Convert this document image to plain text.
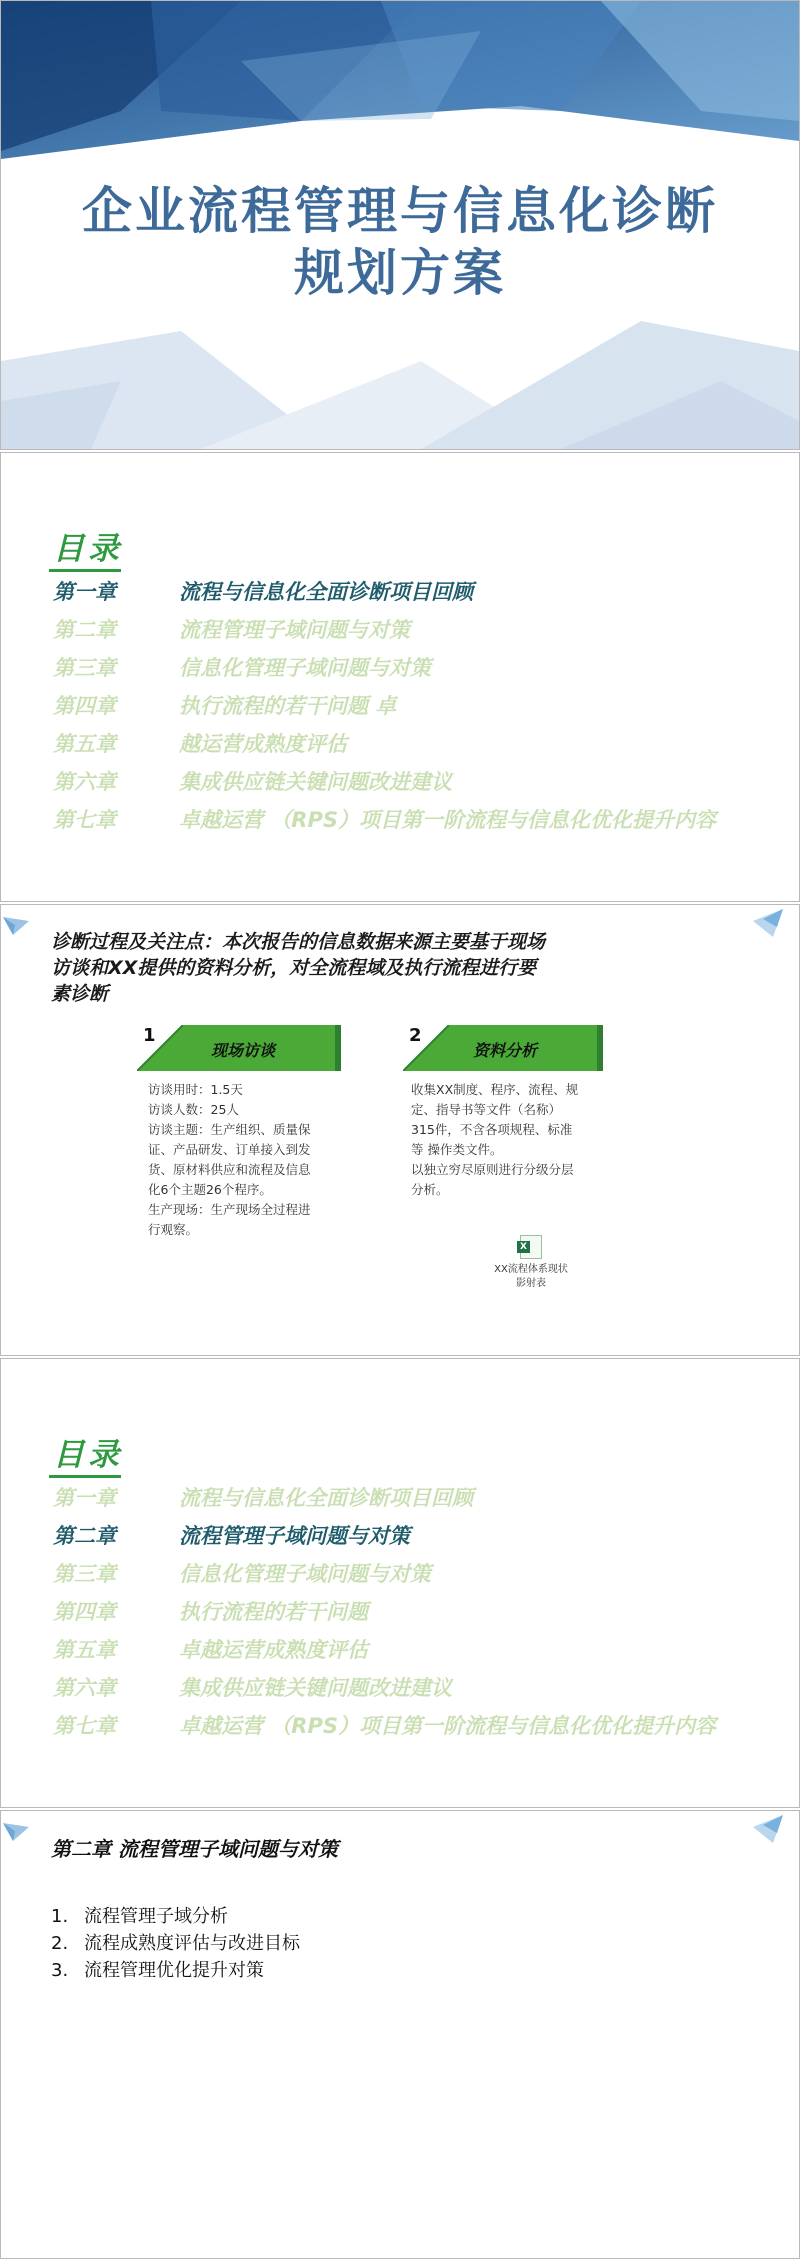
企业流程管理与信息化诊断
规划方案
目录
第一章	流程与信息化全面诊断项目回顾
第二章	流程管理子域问题与对策
第三章	信息化管理子域问题与对策
第四章	执行流程的若干问题 卓
第五章	越运营成熟度评估
第六章	集成供应链关键问题改进建议
第七章	卓越运营 （RPS）项目第一阶流程与信息化优化提升内容
诊断过程及关注点：本次报告的信息数据来源主要基于现场
访谈和XX提供的资料分析，对全流程域及执行流程进行要
素诊断
1
现场访谈
访谈用时：1.5天
访谈人数：25人
访谈主题：生产组织、质量保
证、产品研发、订单接入到发
货、原材料供应和流程及信息
化6个主题26个程序。
生产现场：生产现场全过程进
行观察。
2
资料分析
收集XX制度、程序、流程、规
定、指导书等文件（名称）
315件，不含各项规程、标准
等 操作类文件。
以独立穷尽原则进行分级分层
分析。
X
XX流程体系现状
影射表
目录
第一章	流程与信息化全面诊断项目回顾
第二章	流程管理子域问题与对策
第三章	信息化管理子域问题与对策
第四章	执行流程的若干问题
第五章	卓越运营成熟度评估
第六章	集成供应链关键问题改进建议
第七章	卓越运营 （RPS）项目第一阶流程与信息化优化提升内容
第二章 流程管理子域问题与对策
1. 流程管理子域分析
2. 流程成熟度评估与改进目标
3. 流程管理优化提升对策
